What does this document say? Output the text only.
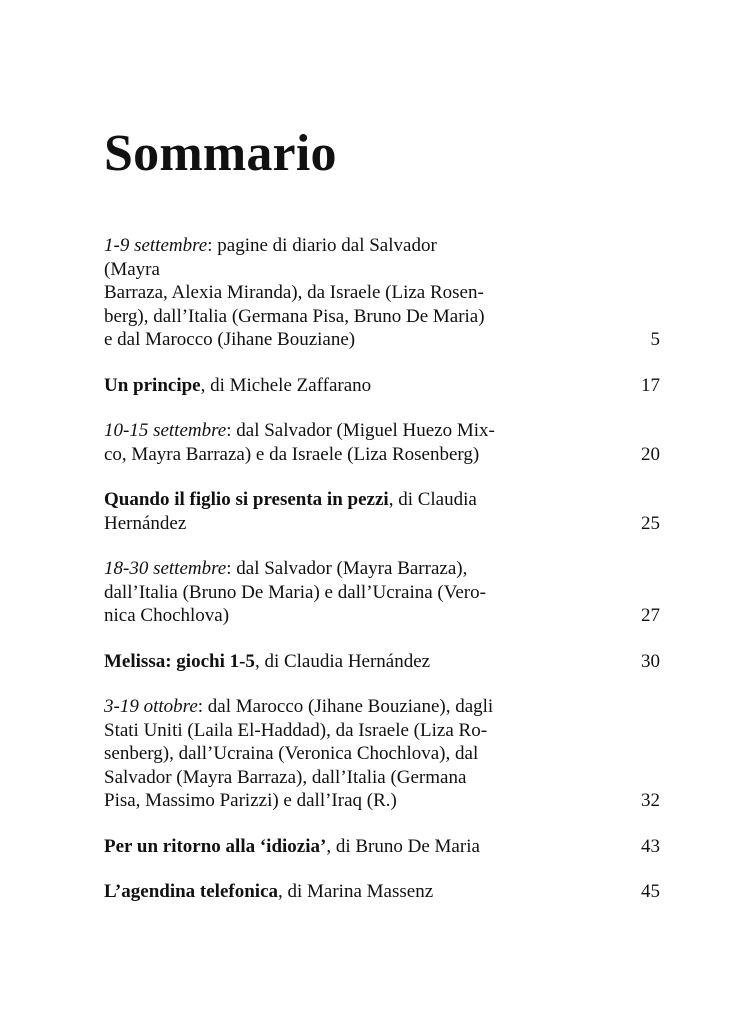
Sommario
1-9 settembre: pagine di diario dal Salvador (Mayra
Barraza, Alexia Miranda), da Israele (Liza Rosen-
berg), dall’Italia (Germana Pisa, Bruno De Maria)
e dal Marocco (Jihane Bouziane)	5
Un principe, di Michele Zaffarano	17
10-15 settembre: dal Salvador (Miguel Huezo Mix-
co, Mayra Barraza) e da Israele (Liza Rosenberg)	20
Quando il figlio si presenta in pezzi, di Claudia
Hernández	25
18-30 settembre: dal Salvador (Mayra Barraza),
dall’Italia (Bruno De Maria) e dall’Ucraina (Vero-
nica Chochlova)	27
Melissa: giochi 1-5, di Claudia Hernández	30
3-19 ottobre: dal Marocco (Jihane Bouziane), dagli
Stati Uniti (Laila El-Haddad), da Israele (Liza Ro-
senberg), dall’Ucraina (Veronica Chochlova), dal
Salvador (Mayra Barraza), dall’Italia (Germana
Pisa, Massimo Parizzi) e dall’Iraq (R.)	32
Per un ritorno alla ‘idiozia’, di Bruno De Maria	43
L’agendina telefonica, di Marina Massenz	45
